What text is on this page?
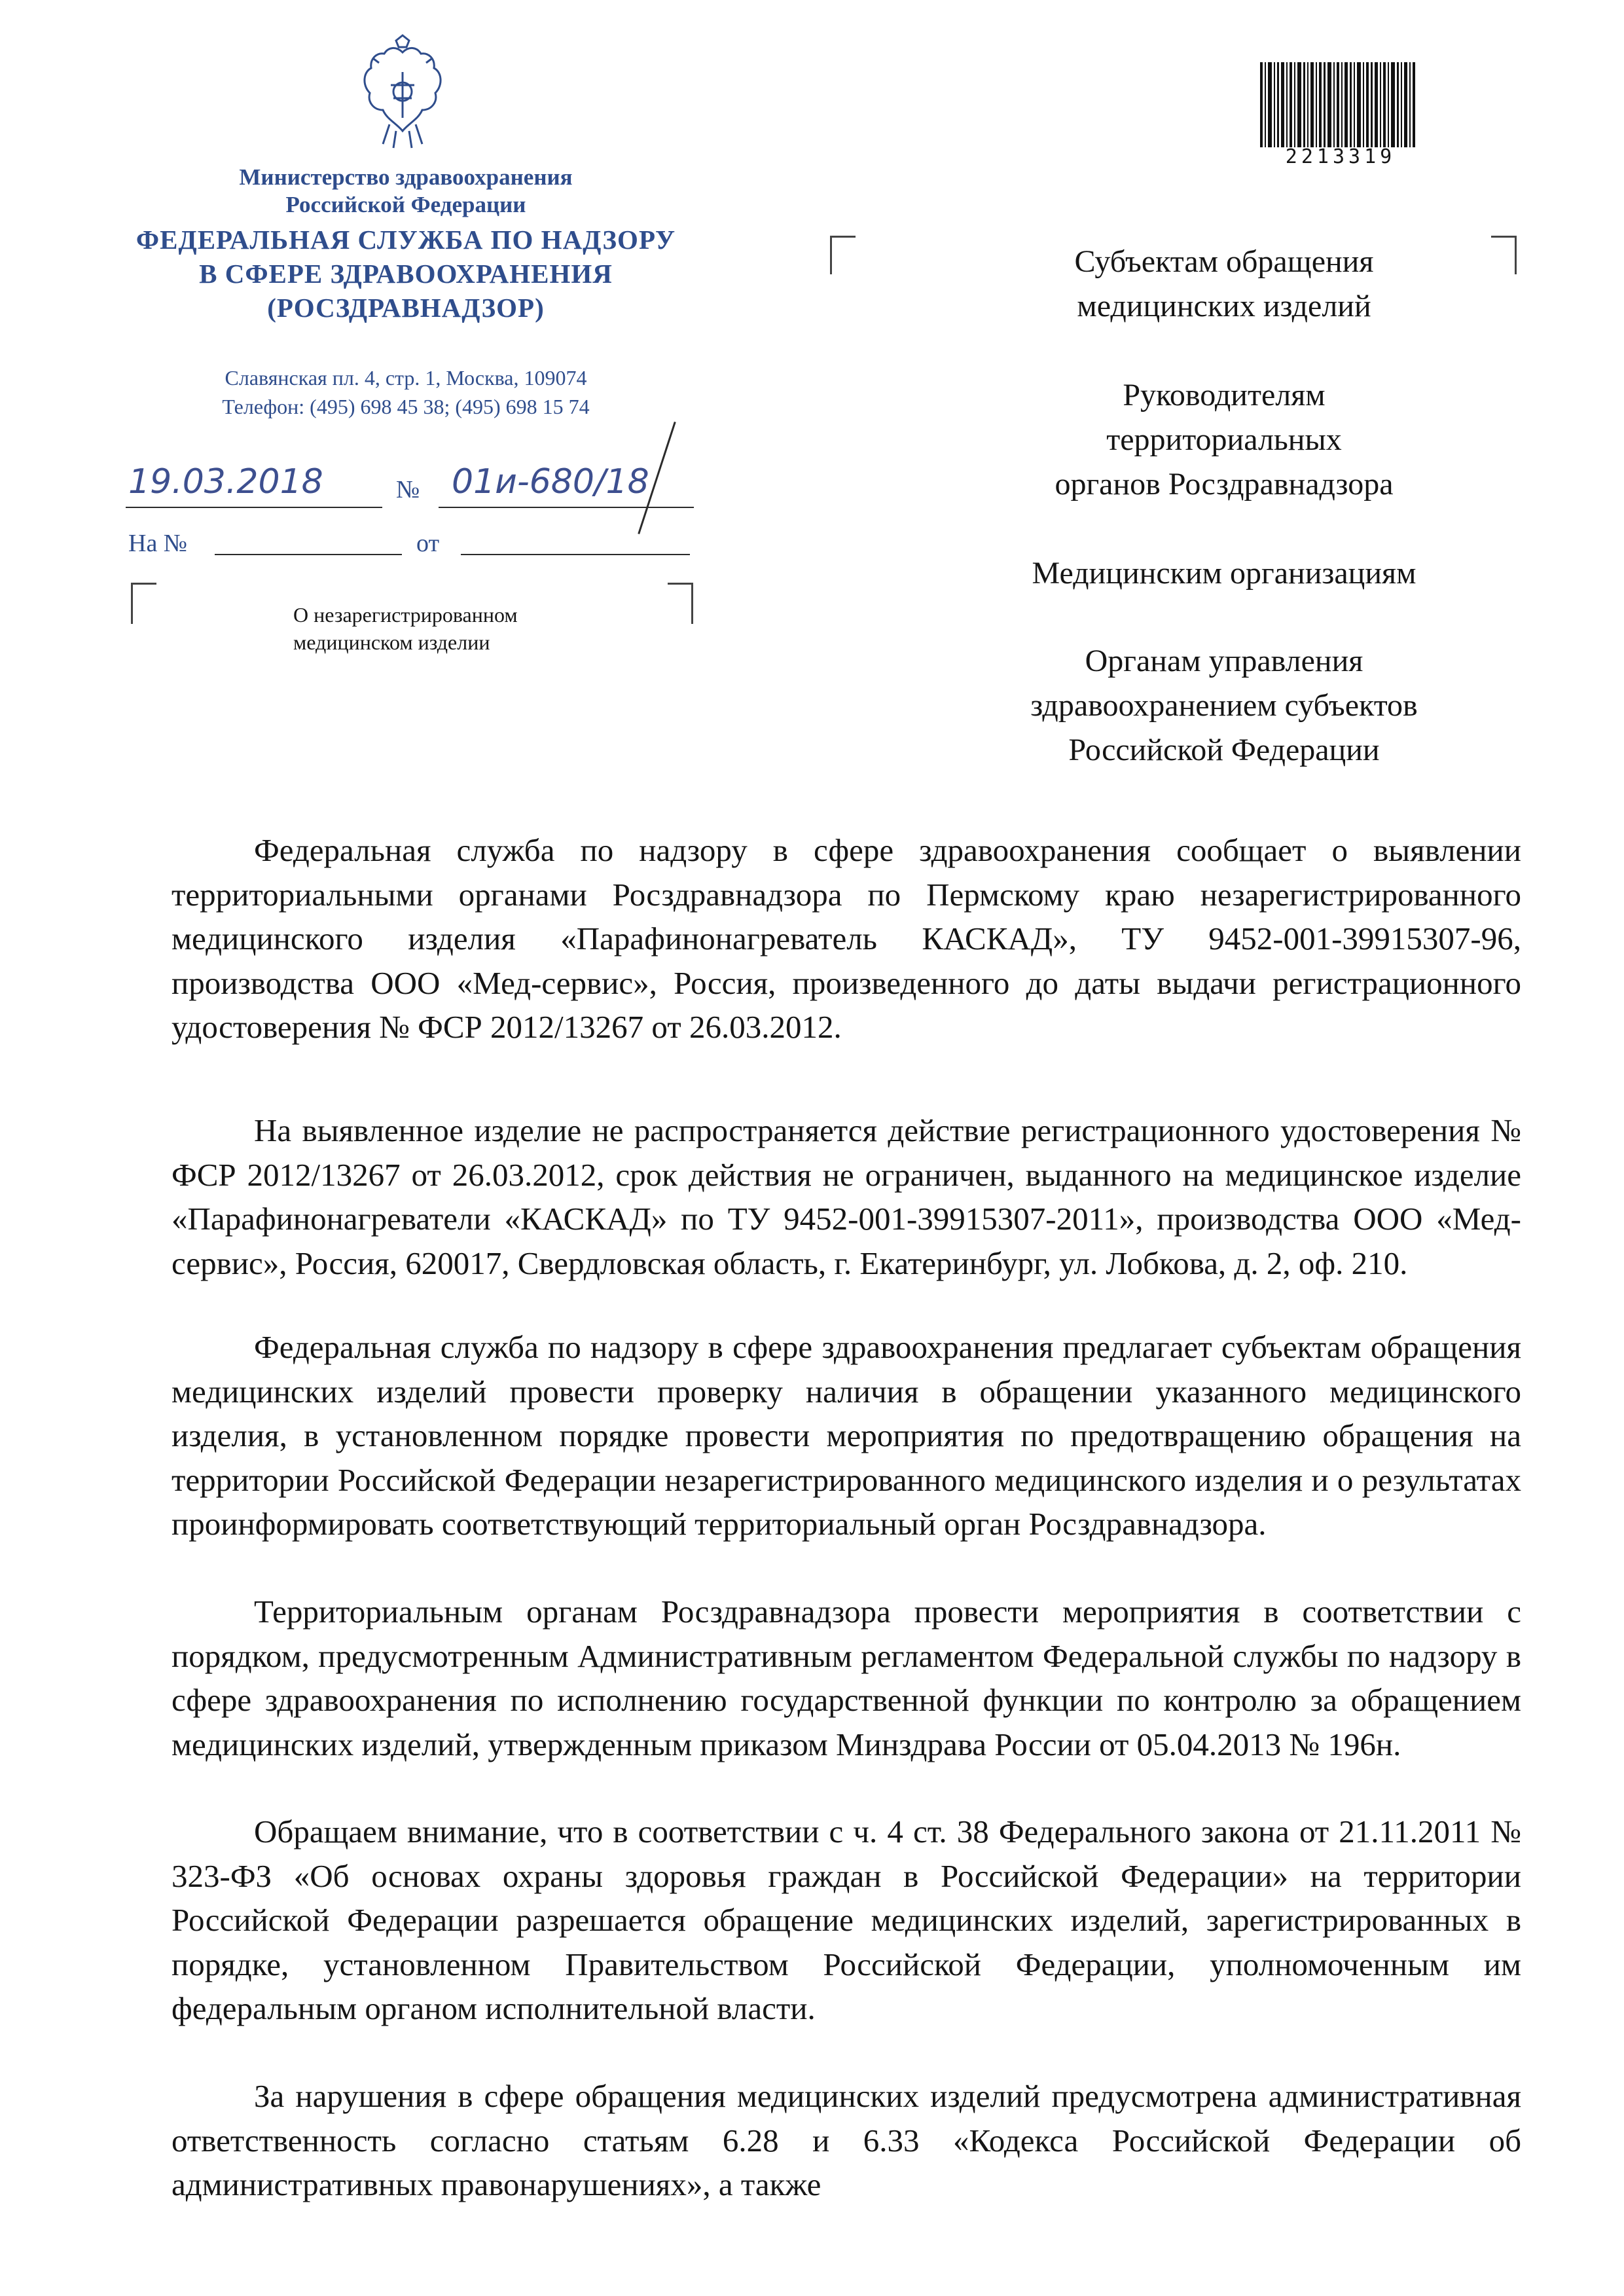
Министерство здравоохранения
Российской Федерации
ФЕДЕРАЛЬНАЯ СЛУЖБА ПО НАДЗОРУ
В СФЕРЕ ЗДРАВООХРАНЕНИЯ
(РОСЗДРАВНАДЗОР)
Славянская пл. 4, стр. 1, Москва, 109074
Телефон: (495) 698 45 38; (495) 698 15 74
19.03.2018	№ 01и-680/18
На №	от
О незарегистрированном
медицинском изделии
2213319
Субъектам обращения
медицинских изделий
Руководителям
территориальных
органов Росздравнадзора
Медицинским организациям
Органам управления
здравоохранением субъектов
Российской Федерации

Федеральная служба по надзору в сфере здравоохранения сообщает о выявлении территориальными органами Росздравнадзора по Пермскому краю незарегистрированного медицинского изделия «Парафинонагреватель КАСКАД», ТУ 9452-001-39915307-96, производства ООО «Мед-сервис», Россия, произведенного до даты выдачи регистрационного удостоверения № ФСР 2012/13267 от 26.03.2012.

На выявленное изделие не распространяется действие регистрационного удостоверения № ФСР 2012/13267 от 26.03.2012, срок действия не ограничен, выданного на медицинское изделие «Парафинонагреватели «КАСКАД» по ТУ 9452-001-39915307-2011», производства ООО «Мед-сервис», Россия, 620017, Свердловская область, г. Екатеринбург, ул. Лобкова, д. 2, оф. 210.

Федеральная служба по надзору в сфере здравоохранения предлагает субъектам обращения медицинских изделий провести проверку наличия в обращении указанного медицинского изделия, в установленном порядке провести мероприятия по предотвращению обращения на территории Российской Федерации незарегистрированного медицинского изделия и о результатах проинформировать соответствующий территориальный орган Росздравнадзора.

Территориальным органам Росздравнадзора провести мероприятия в соответствии с порядком, предусмотренным Административным регламентом Федеральной службы по надзору в сфере здравоохранения по исполнению государственной функции по контролю за обращением медицинских изделий, утвержденным приказом Минздрава России от 05.04.2013 № 196н.

Обращаем внимание, что в соответствии с ч. 4 ст. 38 Федерального закона от 21.11.2011 № 323-ФЗ «Об основах охраны здоровья граждан в Российской Федерации» на территории Российской Федерации разрешается обращение медицинских изделий, зарегистрированных в порядке, установленном Правительством Российской Федерации, уполномоченным им федеральным органом исполнительной власти.

За нарушения в сфере обращения медицинских изделий предусмотрена административная ответственность согласно статьям 6.28 и 6.33 «Кодекса Российской Федерации об административных правонарушениях», а также
